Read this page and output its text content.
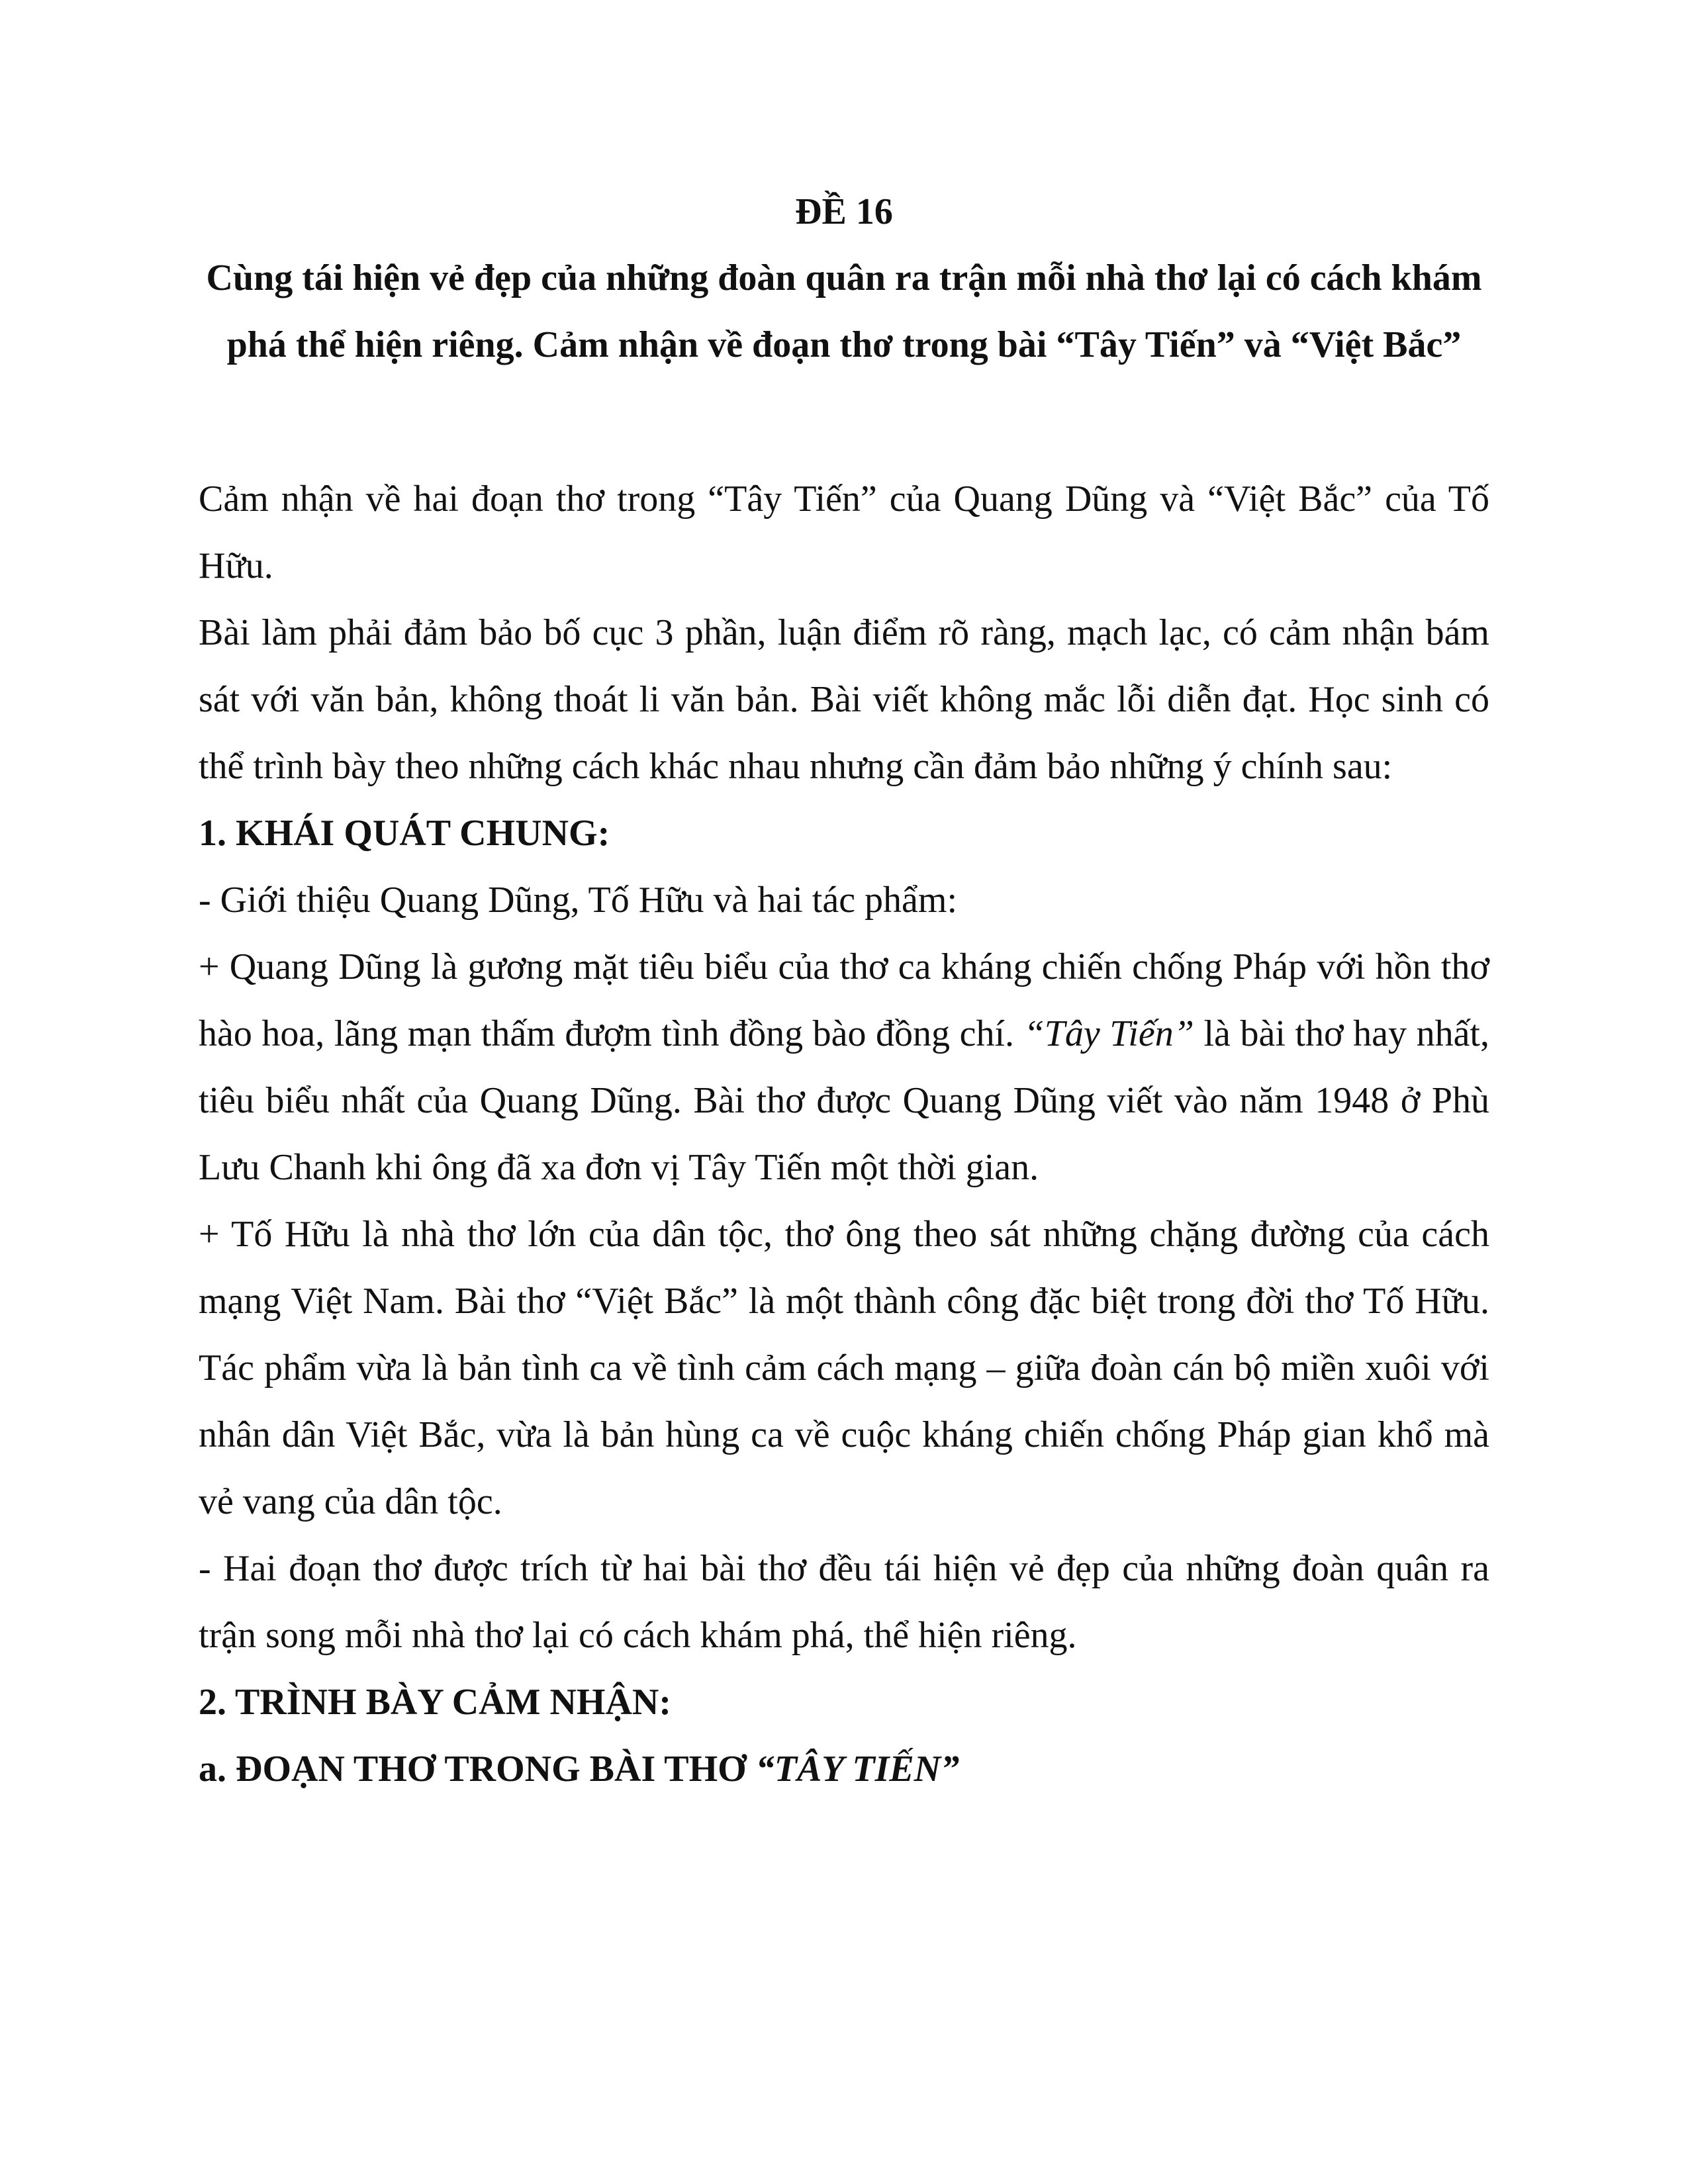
ĐỀ 16

Cùng tái hiện vẻ đẹp của những đoàn quân ra trận mỗi nhà thơ lại có cách khám phá thể hiện riêng. Cảm nhận về đoạn thơ trong bài “Tây Tiến” và “Việt Bắc”

Cảm nhận về hai đoạn thơ trong “Tây Tiến” của Quang Dũng và “Việt Bắc” của Tố Hữu.

Bài làm phải đảm bảo bố cục 3 phần, luận điểm rõ ràng, mạch lạc, có cảm nhận bám sát với văn bản, không thoát li văn bản. Bài viết không mắc lỗi diễn đạt. Học sinh có thể trình bày theo những cách khác nhau nhưng cần đảm bảo những ý chính sau:

1. KHÁI QUÁT CHUNG:

- Giới thiệu Quang Dũng, Tố Hữu và hai tác phẩm:

+ Quang Dũng là gương mặt tiêu biểu của thơ ca kháng chiến chống Pháp với hồn thơ hào hoa, lãng mạn thấm đượm tình đồng bào đồng chí. “Tây Tiến” là bài thơ hay nhất, tiêu biểu nhất của Quang Dũng. Bài thơ được Quang Dũng viết vào năm 1948 ở Phù Lưu Chanh khi ông đã xa đơn vị Tây Tiến một thời gian.

+ Tố Hữu là nhà thơ lớn của dân tộc, thơ ông theo sát những chặng đường của cách mạng Việt Nam. Bài thơ “Việt Bắc” là một thành công đặc biệt trong đời thơ Tố Hữu. Tác phẩm vừa là bản tình ca về tình cảm cách mạng – giữa đoàn cán bộ miền xuôi với nhân dân Việt Bắc, vừa là bản hùng ca về cuộc kháng chiến chống Pháp gian khổ mà vẻ vang của dân tộc.

- Hai đoạn thơ được trích từ hai bài thơ đều tái hiện vẻ đẹp của những đoàn quân ra trận song mỗi nhà thơ lại có cách khám phá, thể hiện riêng.

2. TRÌNH BÀY CẢM NHẬN:

a. ĐOẠN THƠ TRONG BÀI THƠ “TÂY TIẾN”
